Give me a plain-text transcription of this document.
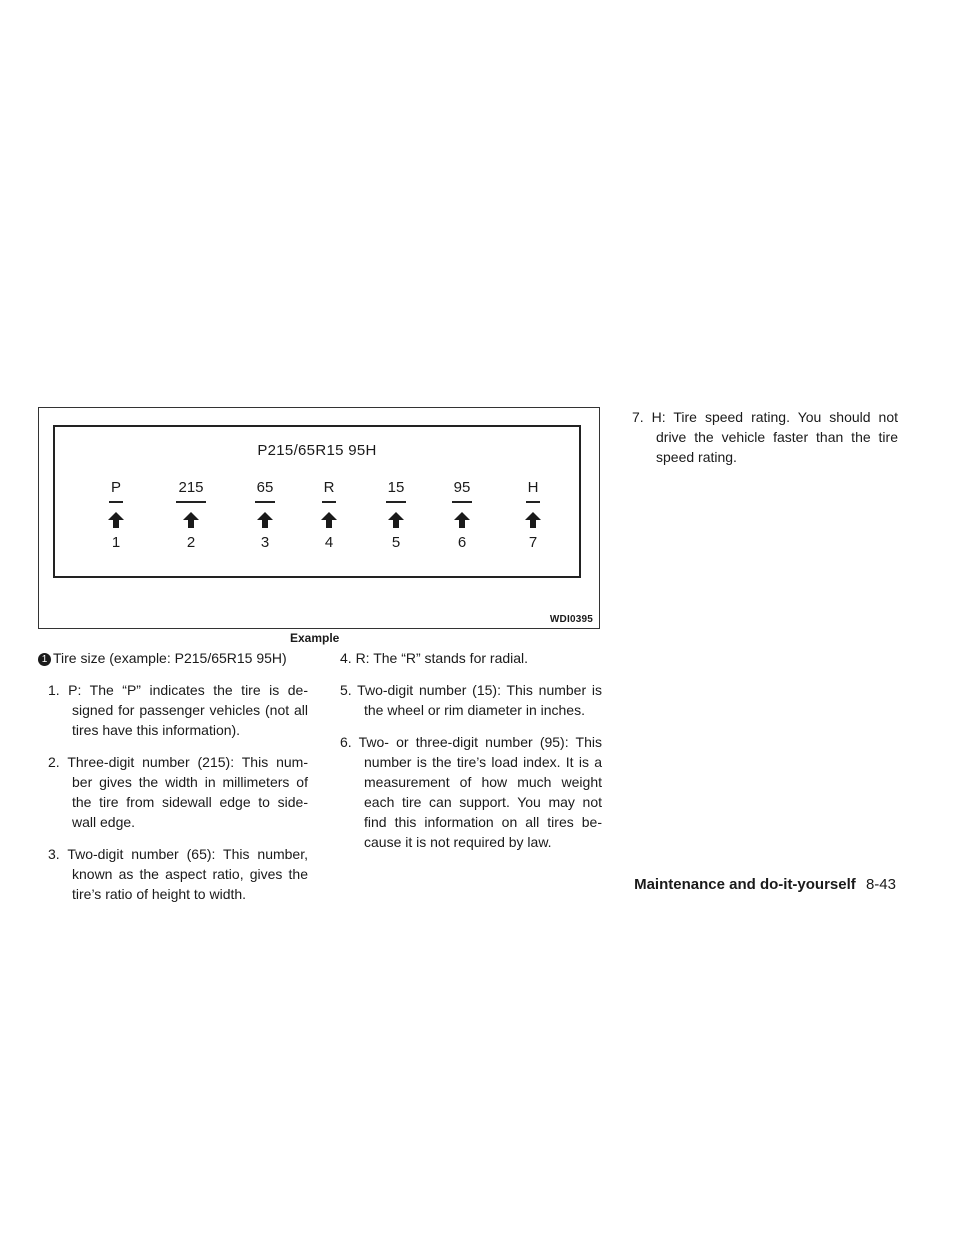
P215/65R15 95H
P
1
215
2
65
3
R
4
15
5
95
6
H
7
WDI0395
Example

1 Tire size (example: P215/65R15 95H)

1. P: The “P” indicates the tire is de-signed for passenger vehicles (not all tires have this information).

2. Three-digit number (215): This num-ber gives the width in millimeters of the tire from sidewall edge to side-wall edge.

3. Two-digit number (65): This number, known as the aspect ratio, gives the tire’s ratio of height to width.

4. R: The “R” stands for radial.

5. Two-digit number (15): This number is the wheel or rim diameter in inches.

6. Two- or three-digit number (95): This number is the tire’s load index. It is a measurement of how much weight each tire can support. You may not find this information on all tires be-cause it is not required by law.

7. H: Tire speed rating. You should not drive the vehicle faster than the tire speed rating.

Maintenance and do-it-yourself 8-43
